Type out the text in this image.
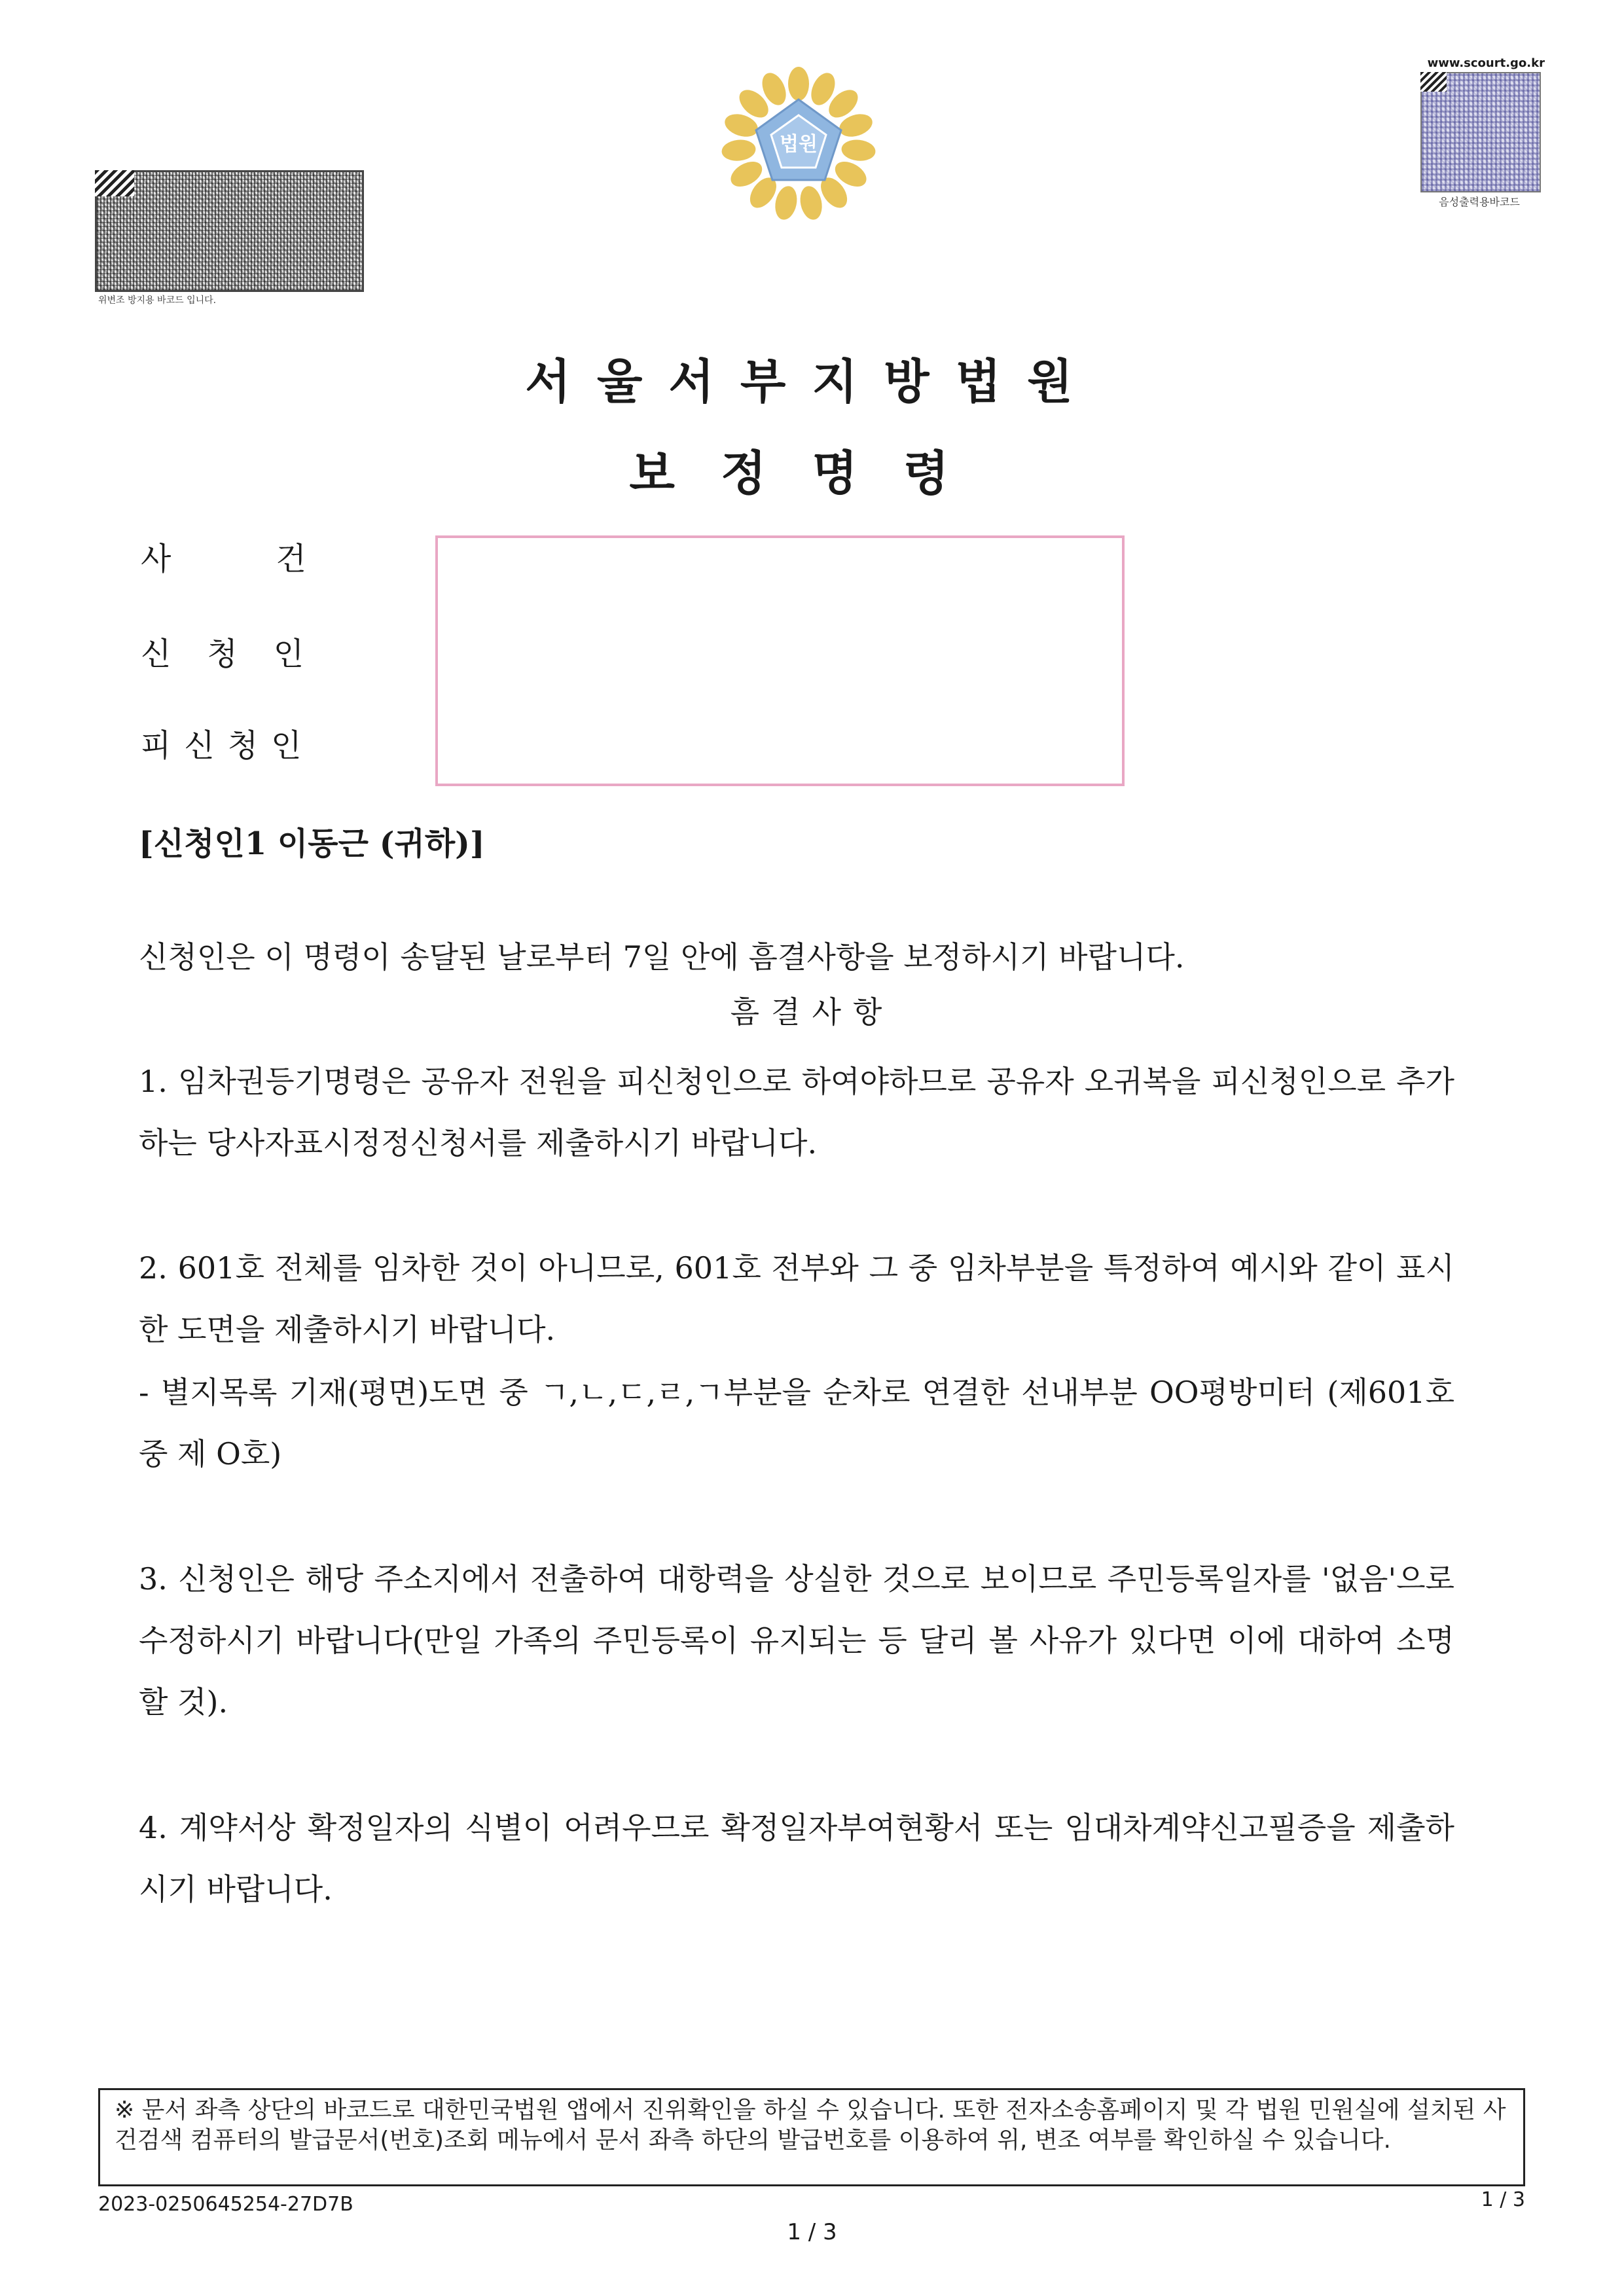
위변조 방지용 바코드 입니다.
법원
www.scourt.go.kr
음성출력용바코드
서울서부지방법원
보정명령
사건
신청인
피신청인
[신청인1 이동근 (귀하)]
신청인은 이 명령이 송달된 날로부터 7일 안에 흠결사항을 보정하시기 바랍니다.
흠결사항
1. 임차권등기명령은 공유자 전원을 피신청인으로 하여야하므로 공유자 오귀복을 피신청인으로 추가하는 당사자표시정정신청서를 제출하시기 바랍니다.
2. 601호 전체를 임차한 것이 아니므로, 601호 전부와 그 중 임차부분을 특정하여 예시와 같이 표시한 도면을 제출하시기 바랍니다.
- 별지목록 기재(평면)도면 중 ㄱ,ㄴ,ㄷ,ㄹ,ㄱ부분을 순차로 연결한 선내부분 OO평방미터 (제601호 중 제 O호)
3. 신청인은 해당 주소지에서 전출하여 대항력을 상실한 것으로 보이므로 주민등록일자를 '없음'으로 수정하시기 바랍니다(만일 가족의 주민등록이 유지되는 등 달리 볼 사유가 있다면 이에 대하여 소명할 것).
4. 계약서상 확정일자의 식별이 어려우므로 확정일자부여현황서 또는 임대차계약신고필증을 제출하시기 바랍니다.
※ 문서 좌측 상단의 바코드로 대한민국법원 앱에서 진위확인을 하실 수 있습니다. 또한 전자소송홈페이지 및 각 법원 민원실에 설치된 사건검색 컴퓨터의 발급문서(번호)조회 메뉴에서 문서 좌측 하단의 발급번호를 이용하여 위, 변조 여부를 확인하실 수 있습니다.
2023-0250645254-27D7B	1 / 3
1 / 3
